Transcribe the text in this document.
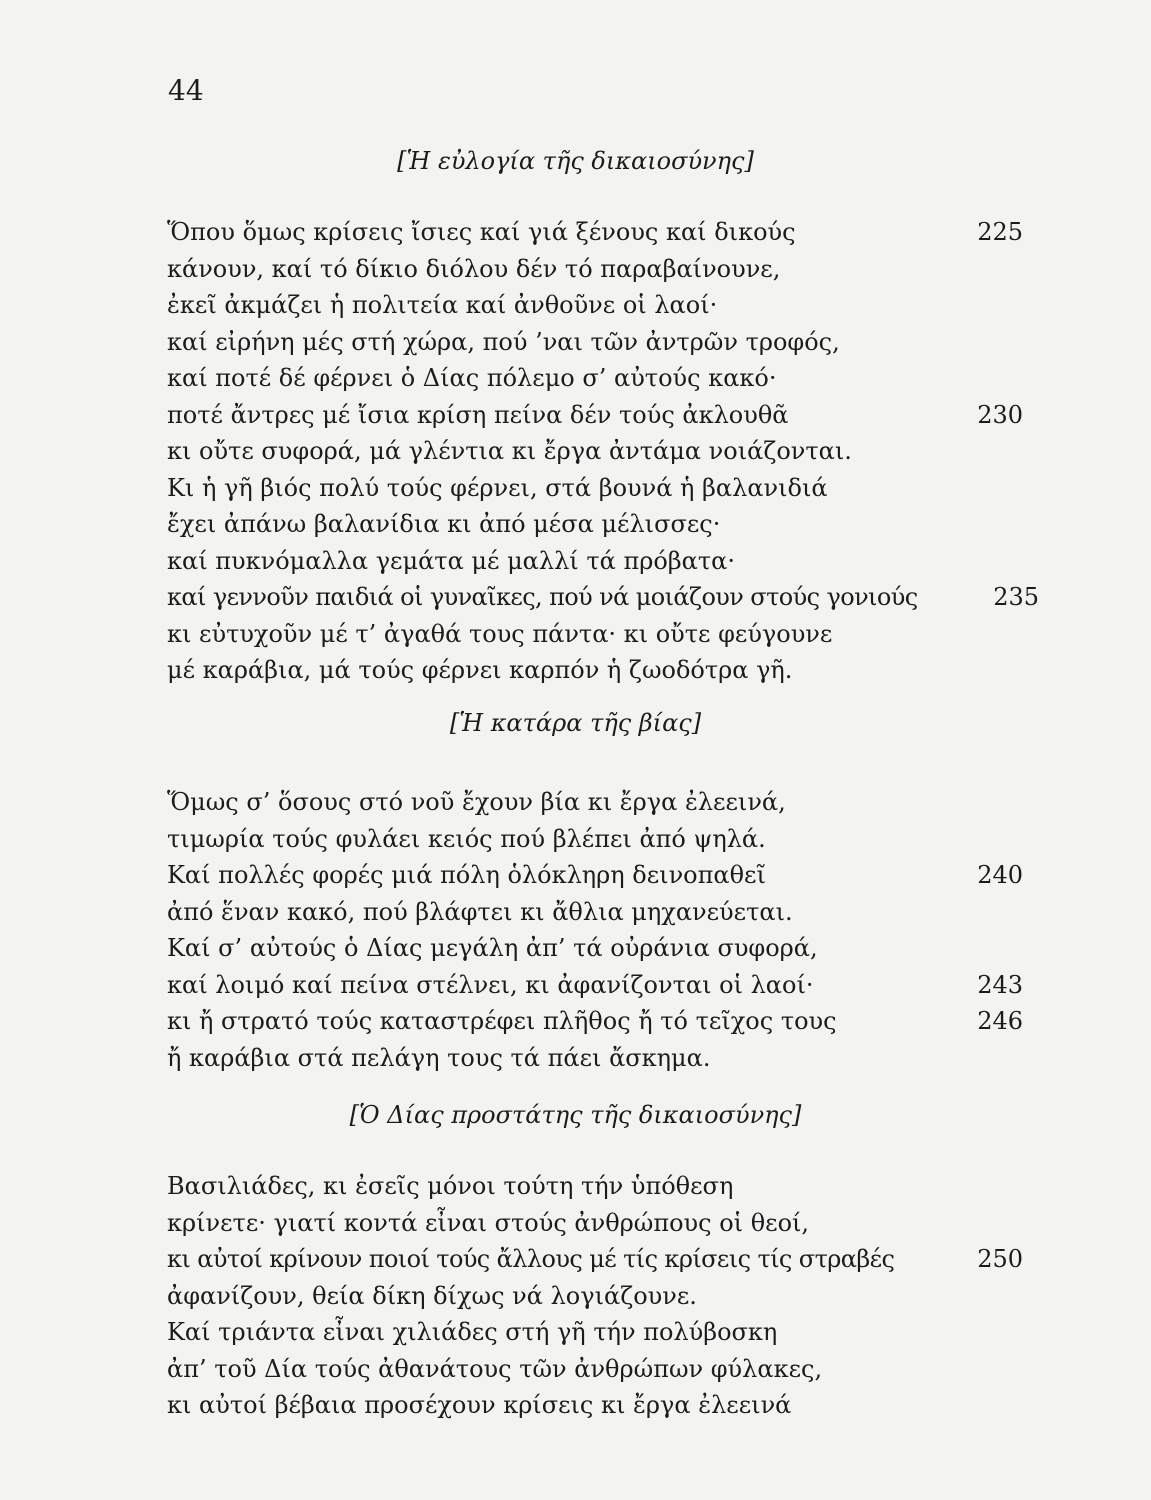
44
[Ἡ εὐλογία τῆς δικαιοσύνης]
Ὅπου ὅμως κρίσεις ἴσιες καί γιά ξένους καί δικούς	225
κάνουν, καί τό δίκιο διόλου δέν τό παραβαίνουνε,
ἐκεῖ ἀκμάζει ἡ πολιτεία καί ἀνθοῦνε οἱ λαοί·
καί εἰρήνη μές στή χώρα, πού ’ναι τῶν ἀντρῶν τροφός,
καί ποτέ δέ φέρνει ὁ Δίας πόλεμο σ’ αὐτούς κακό·
ποτέ ἄντρες μέ ἴσια κρίση πείνα δέν τούς ἀκλουθᾶ	230
κι οὔτε συφορά, μά γλέντια κι ἔργα ἀντάμα νοιάζονται.
Κι ἡ γῆ βιός πολύ τούς φέρνει, στά βουνά ἡ βαλανιδιά
ἔχει ἀπάνω βαλανίδια κι ἀπό μέσα μέλισσες·
καί πυκνόμαλλα γεμάτα μέ μαλλί τά πρόβατα·
καί γεννοῦν παιδιά οἱ γυναῖκες, πού νά μοιάζουν στούς γονιούς	235
κι εὐτυχοῦν μέ τ’ ἀγαθά τους πάντα· κι οὔτε φεύγουνε
μέ καράβια, μά τούς φέρνει καρπόν ἡ ζωοδότρα γῆ.
[Ἡ κατάρα τῆς βίας]
Ὅμως σ’ ὅσους στό νοῦ ἔχουν βία κι ἔργα ἐλεεινά,
τιμωρία τούς φυλάει κειός πού βλέπει ἀπό ψηλά.
Καί πολλές φορές μιά πόλη ὁλόκληρη δεινοπαθεῖ	240
ἀπό ἕναν κακό, πού βλάφτει κι ἄθλια μηχανεύεται.
Καί σ’ αὐτούς ὁ Δίας μεγάλη ἀπ’ τά οὐράνια συφορά,
καί λοιμό καί πείνα στέλνει, κι ἀφανίζονται οἱ λαοί·	243
κι ἤ στρατό τούς καταστρέφει πλῆθος ἤ τό τεῖχος τους	246
ἤ καράβια στά πελάγη τους τά πάει ἄσκημα.
[Ὁ Δίας προστάτης τῆς δικαιοσύνης]
Βασιλιάδες, κι ἐσεῖς μόνοι τούτη τήν ὑπόθεση
κρίνετε· γιατί κοντά εἶναι στούς ἀνθρώπους οἱ θεοί,
κι αὐτοί κρίνουν ποιοί τούς ἄλλους μέ τίς κρίσεις τίς στραβές	250
ἀφανίζουν, θεία δίκη δίχως νά λογιάζουνε.
Καί τριάντα εἶναι χιλιάδες στή γῆ τήν πολύβοσκη
ἀπ’ τοῦ Δία τούς ἀθανάτους τῶν ἀνθρώπων φύλακες,
κι αὐτοί βέβαια προσέχουν κρίσεις κι ἔργα ἐλεεινά
